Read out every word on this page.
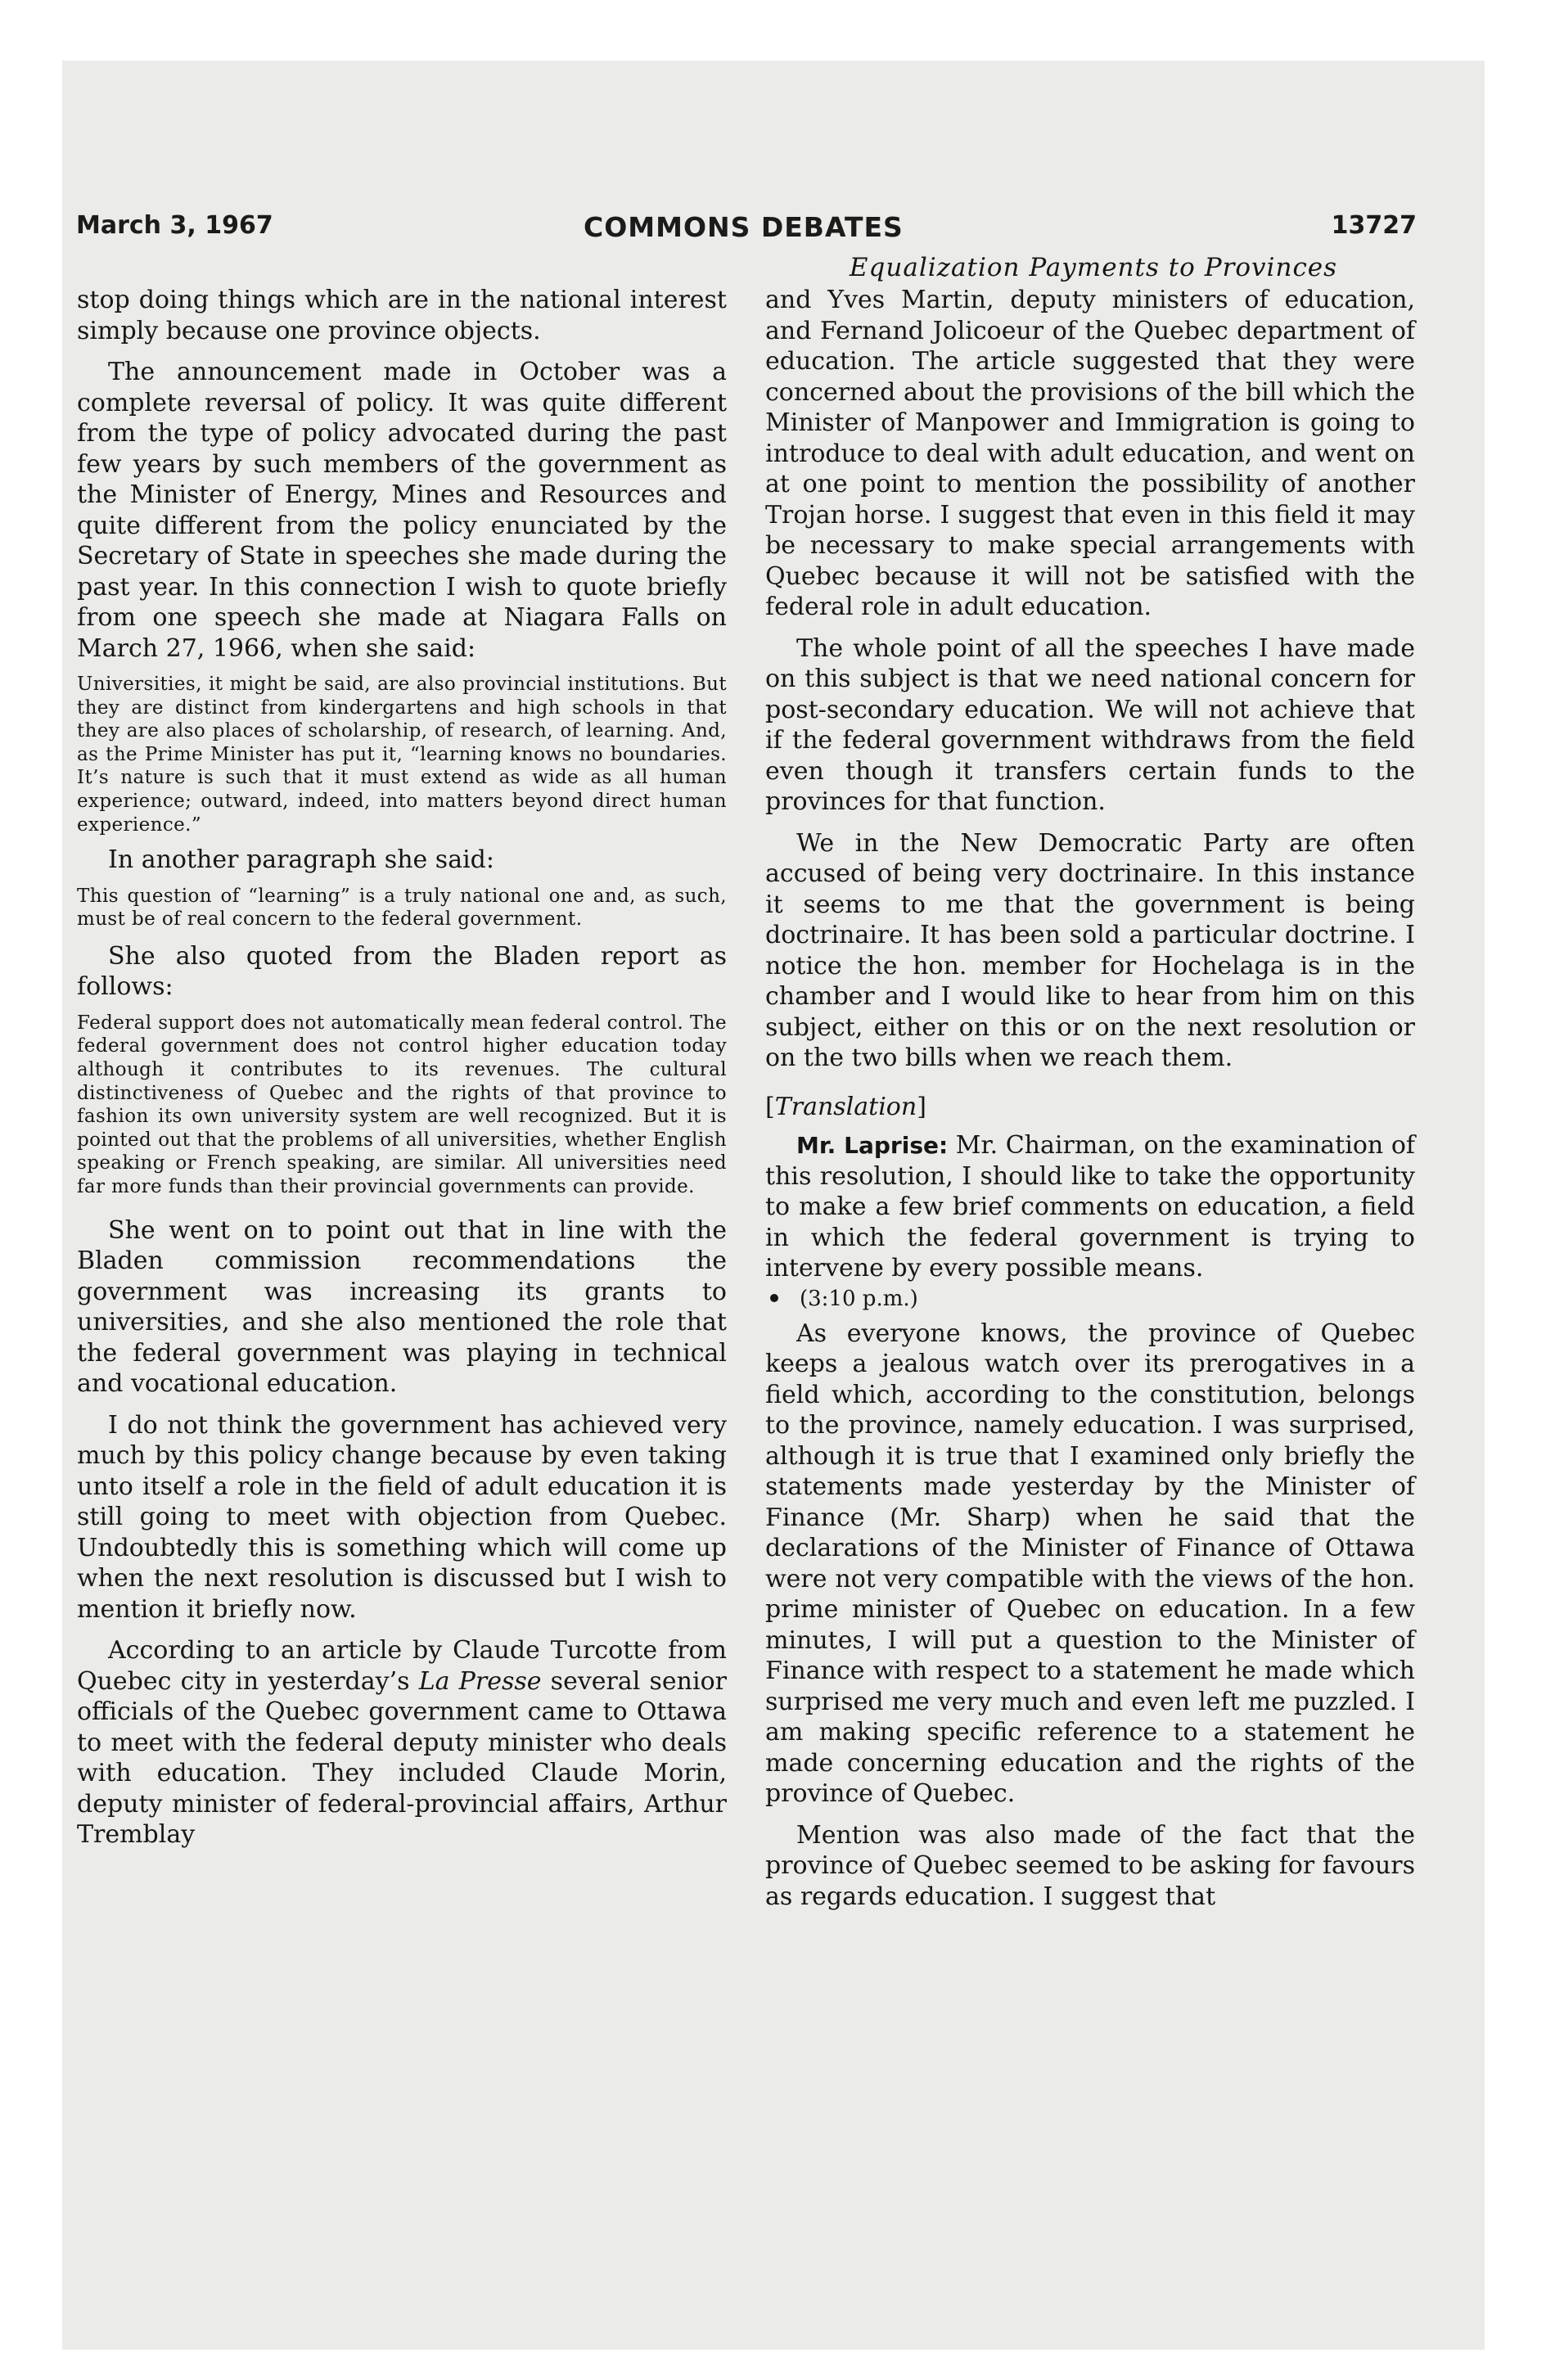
March 3, 1967	COMMONS DEBATES	13727
Equalization Payments to Provinces

stop doing things which are in the national interest simply because one province objects.

The announcement made in October was a complete reversal of policy. It was quite different from the type of policy advocated during the past few years by such members of the government as the Minister of Energy, Mines and Resources and quite different from the policy enunciated by the Secretary of State in speeches she made during the past year. In this connection I wish to quote briefly from one speech she made at Niagara Falls on March 27, 1966, when she said:

Universities, it might be said, are also provincial institutions. But they are distinct from kindergartens and high schools in that they are also places of scholarship, of research, of learning. And, as the Prime Minister has put it, “learning knows no boundaries. It’s nature is such that it must extend as wide as all human experience; outward, indeed, into matters beyond direct human experience.”

In another paragraph she said:

This question of “learning” is a truly national one and, as such, must be of real concern to the federal government.

She also quoted from the Bladen report as follows:

Federal support does not automatically mean federal control. The federal government does not control higher education today although it contributes to its revenues. The cultural distinctiveness of Quebec and the rights of that province to fashion its own university system are well recognized. But it is pointed out that the problems of all universities, whether English speaking or French speaking, are similar. All universities need far more funds than their provincial governments can provide.

She went on to point out that in line with the Bladen commission recommendations the government was increasing its grants to universities, and she also mentioned the role that the federal government was playing in technical and vocational education.

I do not think the government has achieved very much by this policy change because by even taking unto itself a role in the field of adult education it is still going to meet with objection from Quebec. Undoubtedly this is something which will come up when the next resolution is discussed but I wish to mention it briefly now.

According to an article by Claude Turcotte from Quebec city in yesterday’s La Presse several senior officials of the Quebec government came to Ottawa to meet with the federal deputy minister who deals with education. They included Claude Morin, deputy minister of federal-provincial affairs, Arthur Tremblay

and Yves Martin, deputy ministers of education, and Fernand Jolicoeur of the Quebec department of education. The article suggested that they were concerned about the provisions of the bill which the Minister of Manpower and Immigration is going to introduce to deal with adult education, and went on at one point to mention the possibility of another Trojan horse. I suggest that even in this field it may be necessary to make special arrangements with Quebec because it will not be satisfied with the federal role in adult education.

The whole point of all the speeches I have made on this subject is that we need national concern for post-secondary education. We will not achieve that if the federal government withdraws from the field even though it transfers certain funds to the provinces for that function.

We in the New Democratic Party are often accused of being very doctrinaire. In this instance it seems to me that the government is being doctrinaire. It has been sold a particular doctrine. I notice the hon. member for Hochelaga is in the chamber and I would like to hear from him on this subject, either on this or on the next resolution or on the two bills when we reach them.

[Translation]

Mr. Laprise: Mr. Chairman, on the examination of this resolution, I should like to take the opportunity to make a few brief comments on education, a field in which the federal government is trying to intervene by every possible means.

(3:10 p.m.)

As everyone knows, the province of Quebec keeps a jealous watch over its prerogatives in a field which, according to the constitution, belongs to the province, namely education. I was surprised, although it is true that I examined only briefly the statements made yesterday by the Minister of Finance (Mr. Sharp) when he said that the declarations of the Minister of Finance of Ottawa were not very compatible with the views of the hon. prime minister of Quebec on education. In a few minutes, I will put a question to the Minister of Finance with respect to a statement he made which surprised me very much and even left me puzzled. I am making specific reference to a statement he made concerning education and the rights of the province of Quebec.

Mention was also made of the fact that the province of Quebec seemed to be asking for favours as regards education. I suggest that
